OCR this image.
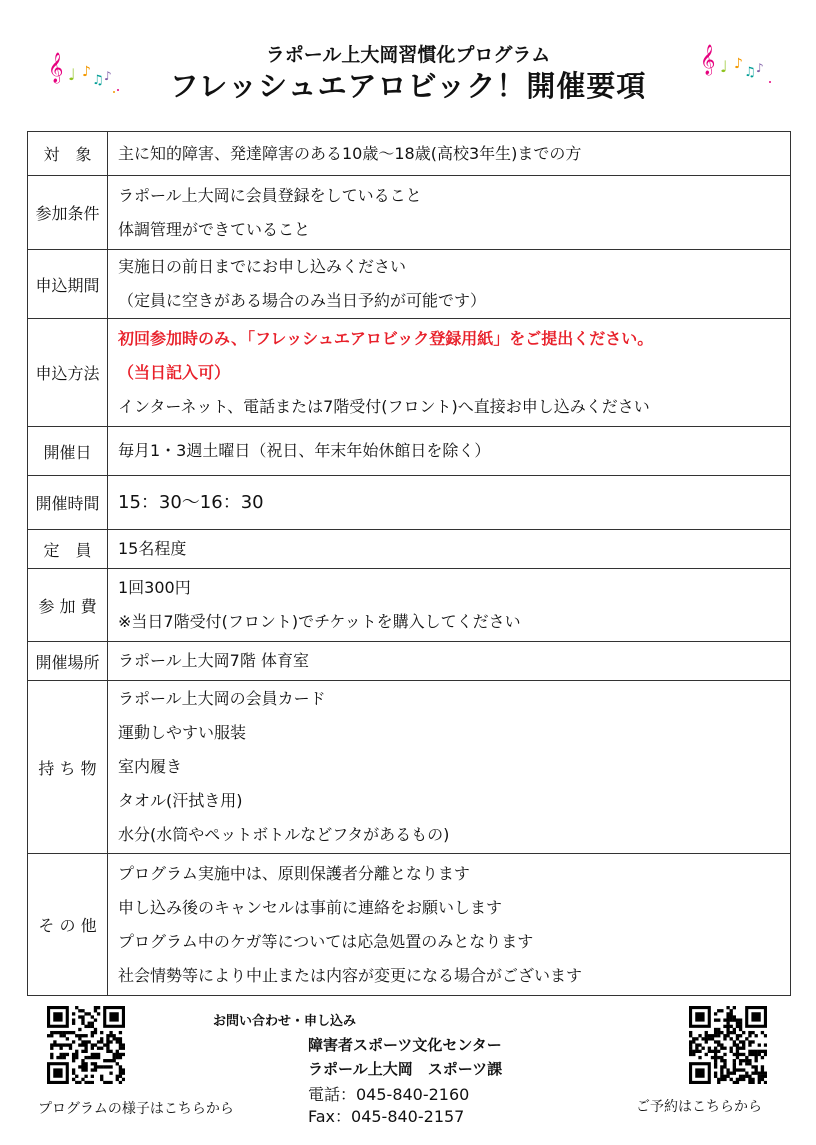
𝄞 ♩ ♪
♫ ♪
ラポール上大岡習慣化プログラム
フレッシュエアロビック！開催要項
𝄞 ♩ ♪
♫ ♪
対　象	主に知的障害、発達障害のある10歳～18歳(高校3年生)までの方

参加条件	ラポール上大岡に会員登録をしていること
体調管理ができていること

申込期間	実施日の前日までにお申し込みください
（定員に空きがある場合のみ当日予約が可能です）

申込方法	初回参加時のみ、「フレッシュエアロビック登録用紙」をご提出ください。
（当日記入可）
インターネット、電話または7階受付(フロント)へ直接お申し込みください

開催日	毎月1・3週土曜日（祝日、年末年始休館日を除く）

開催時間	15：30～16：30

定　員	15名程度

参 加 費	1回300円
※当日7階受付(フロント)でチケットを購入してください

開催場所	ラポール上大岡7階 体育室

持 ち 物	ラポール上大岡の会員カード
運動しやすい服装
室内履き
タオル(汗拭き用)
水分(水筒やペットボトルなどフタがあるもの)

そ の 他	プログラム実施中は、原則保護者分離となります
申し込み後のキャンセルは事前に連絡をお願いします
プログラム中のケガ等については応急処置のみとなります
社会情勢等により中止または内容が変更になる場合がございます
プログラムの様子はこちらから
お問い合わせ・申し込み
障害者スポーツ文化センター
ラポール上大岡　スポーツ課
電話：045-840-2160
Fax：045-840-2157	ご予約はこちらから
